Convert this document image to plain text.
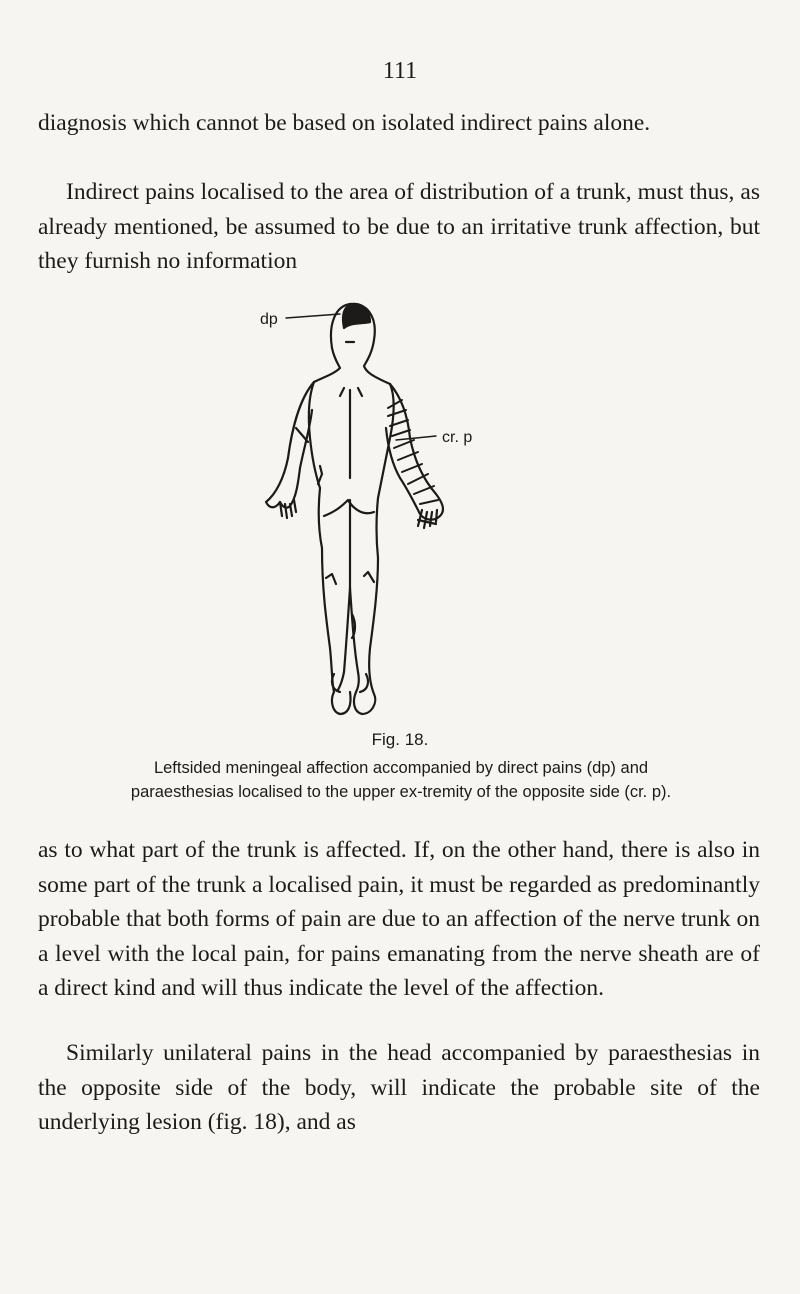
111

diagnosis which cannot be based on isolated indirect pains alone.

Indirect pains localised to the area of distribution of a trunk, must thus, as already mentioned, be assumed to be due to an irritative trunk affection, but they furnish no information

dp
cr. p
Fig. 18.

Leftsided meningeal affection accompanied by direct pains (dp) and paraesthesias localised to the upper ex-tremity of the opposite side (cr. p).

as to what part of the trunk is affected. If, on the other hand, there is also in some part of the trunk a localised pain, it must be regarded as predominantly probable that both forms of pain are due to an affection of the nerve trunk on a level with the local pain, for pains emanating from the nerve sheath are of a direct kind and will thus indicate the level of the affection.

Similarly unilateral pains in the head accompanied by paraesthesias in the opposite side of the body, will indicate the probable site of the underlying lesion (fig. 18), and as
